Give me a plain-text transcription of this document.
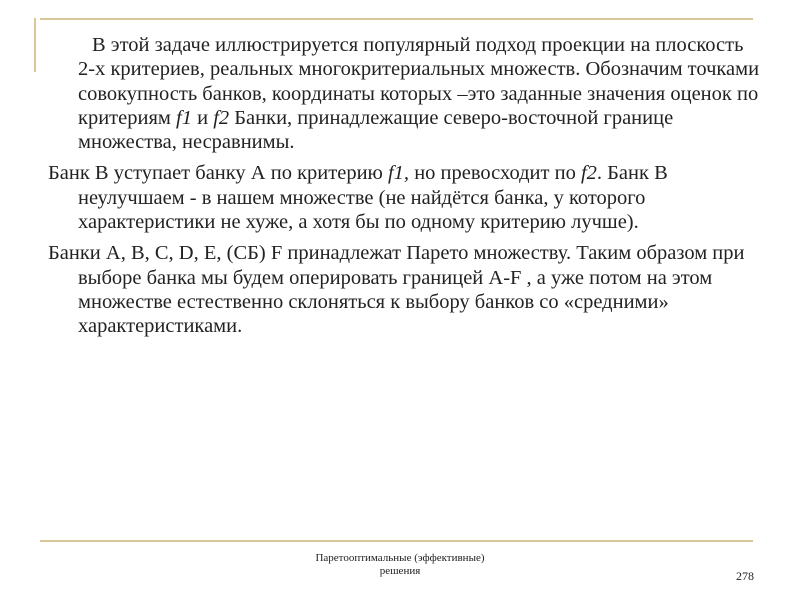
В этой задаче иллюстрируется популярный подход проекции на плоскость 2-х критериев, реальных многокритериальных множеств. Обозначим точками совокупность банков, координаты которых –это заданные значения оценок по критериям f1 и f2 Банки, принадлежащие северо-восточной границе множества, несравнимы.

Банк В уступает банку А по критерию f1, но превосходит по f2. Банк В неулучшаем - в нашем множестве (не найдётся банка, у которого характеристики не хуже, а хотя бы по одному критерию лучше).

Банки А, В, С, D, E, (СБ) F принадлежат Парето множеству. Таким образом при выборе банка мы будем оперировать границей А-F , а уже потом на этом множестве естественно склоняться к выбору банков со «средними» характеристиками.

Паретооптимальные (эффективные)
решения	278
